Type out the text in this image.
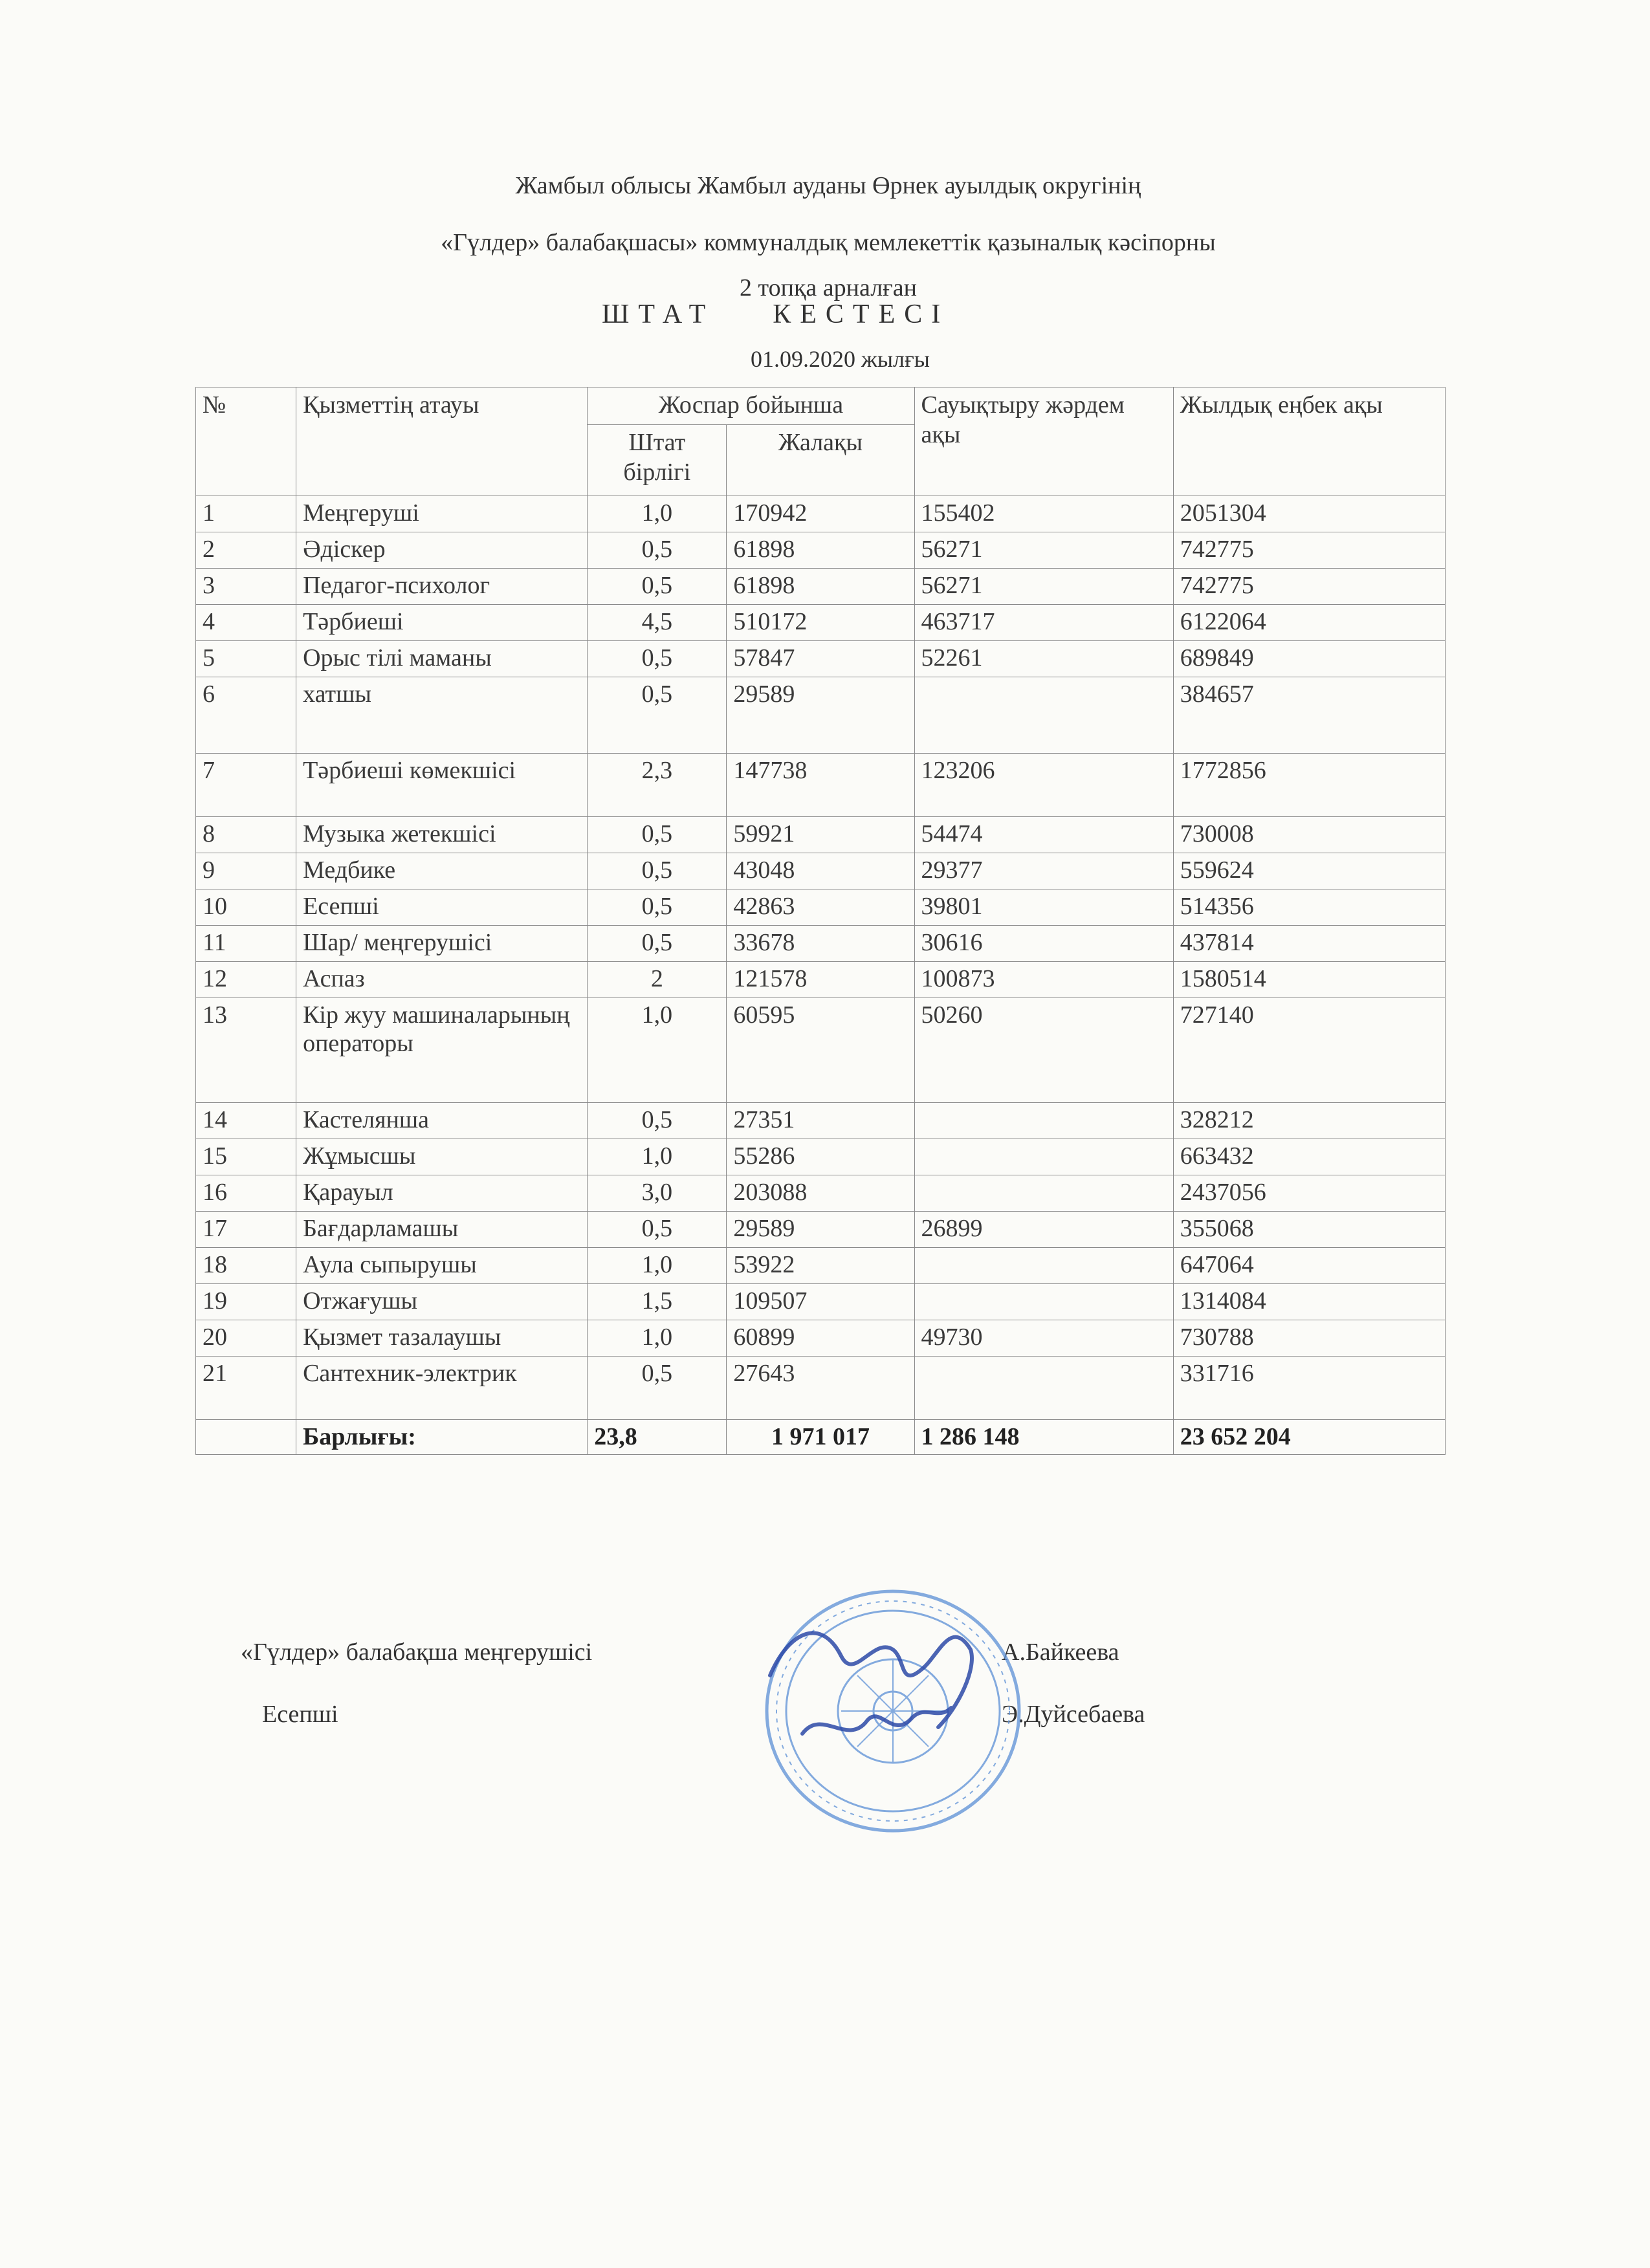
Жамбыл облысы Жамбыл ауданы Өрнек ауылдық округінің
«Гүлдер» балабақшасы» коммуналдық мемлекеттік қазыналық кәсіпорны
2 топқа арналған
ШТАТ КЕСТЕСІ
01.09.2020 жылғы
№	Қызметтің атауы	Жоспар бойынша		Сауықтыру жәрдем ақы	Жылдық еңбек ақы
		Штат бірлігі	Жалақы		
1	Меңгеруші	1,0	170942	155402	2051304
2	Әдіскер	0,5	61898	56271	742775
3	Педагог-психолог	0,5	61898	56271	742775
4	Тәрбиеші	4,5	510172	463717	6122064
5	Орыс тілі маманы	0,5	57847	52261	689849
6	хатшы	0,5	29589		384657
7	Тәрбиеші көмекшісі	2,3	147738	123206	1772856
8	Музыка жетекшісі	0,5	59921	54474	730008
9	Медбике	0,5	43048	29377	559624
10	Есепші	0,5	42863	39801	514356
11	Шар/ меңгерушісі	0,5	33678	30616	437814
12	Аспаз	2	121578	100873	1580514
13	Кір жуу машиналарының операторы	1,0	60595	50260	727140
14	Кастелянша	0,5	27351		328212
15	Жұмысшы	1,0	55286		663432
16	Қарауыл	3,0	203088		2437056
17	Бағдарламашы	0,5	29589	26899	355068
18	Аула сыпырушы	1,0	53922		647064
19	Отжағушы	1,5	109507		1314084
20	Қызмет тазалаушы	1,0	60899	49730	730788
21	Сантехник-электрик	0,5	27643		331716
	Барлығы:	23,8	1 971 017	1 286 148	23 652 204
«Гүлдер» балабақша меңгерушісі	А.Байкеева
Есепші	Э.Дуйсебаева
